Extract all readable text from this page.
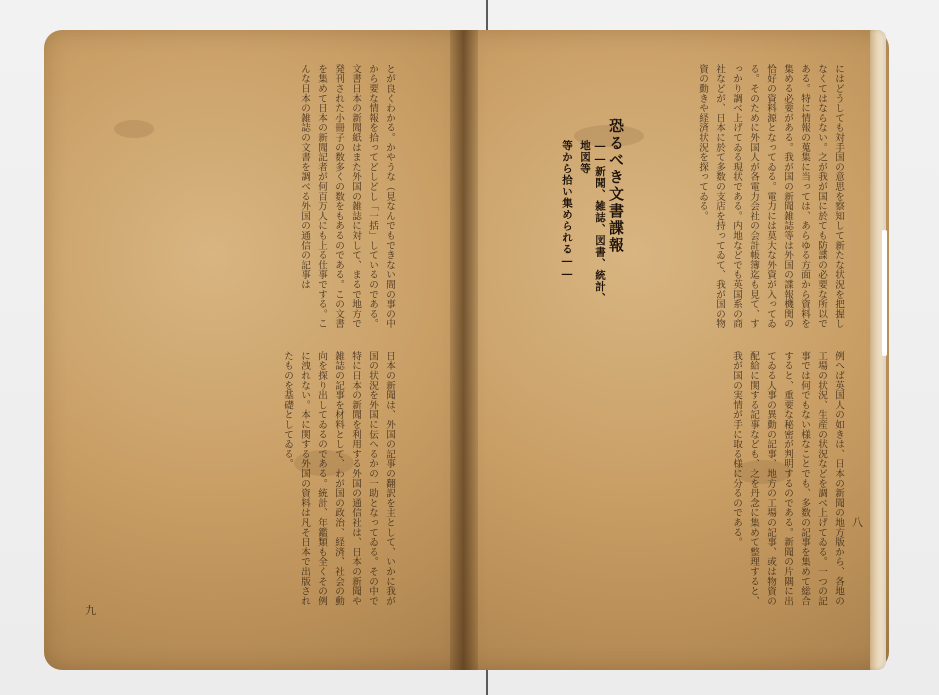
とが良くわかる。かやうな（見なんでもできない間の事の中から要な情報を拾ってどしどし「一括」しているのである。文書日本の新聞紙はまた外国の雑誌に対して、まるで地方で発刊された小冊子の数多くの数をもあるのである。この文書を集めて日本の新聞記者が何百万人にも上る仕事でする。こんな日本の雑誌の文書を調べる外国の通信の記事は

日本の新聞は、外国の記事の翻訳を主として、いかに我が国の状況を外国に伝へるかの一助となってゐる。その中で特に日本の新聞を利用する外国の通信社は、日本の新聞や雑誌の記事を材料として、わが国の政治、経済、社会の動向を探り出してゐるのである。統計、年鑑類も全くその例に洩れない。本に関する外国の資料は凡そ日本で出版されたものを基礎としてゐる。

恐るべき文書諜報
――新聞、雑誌、図書、統計、地図等
等から拾い集められる――	にはどうしても対手国の意思を察知して新たな状況を把握しなくてはならない。之が我が国に於ても防諜の必要な所以である。特に情報の蒐集に当っては、あらゆる方面から資料を集める必要がある。我が国の新聞雑誌等は外国の諜報機関の恰好の資料源となってゐる。電力には莫大な外資が入ってゐる。そのために外国人が各電力会社の会計帳簿迄も見て、すっかり調べ上げてゐる現状である。内地などでも英国系の商社などが、日本に於て多数の支店を持ってゐて、我が国の物資の動きや経済状況を探ってゐる。

例へば英国人の如きは、日本の新聞の地方版から、各地の工場の状況、生産の状況などを調べ上げてゐる。一つの記事では何でもない様なことでも、多数の記事を集めて総合すると、重要な秘密が判明するのである。新聞の片隅に出てゐる人事の異動の記事、地方の工場の記事、或は物資の配給に関する記事なども、之を丹念に集めて整理すると、我が国の実情が手に取る様に分るのである。

九
八
